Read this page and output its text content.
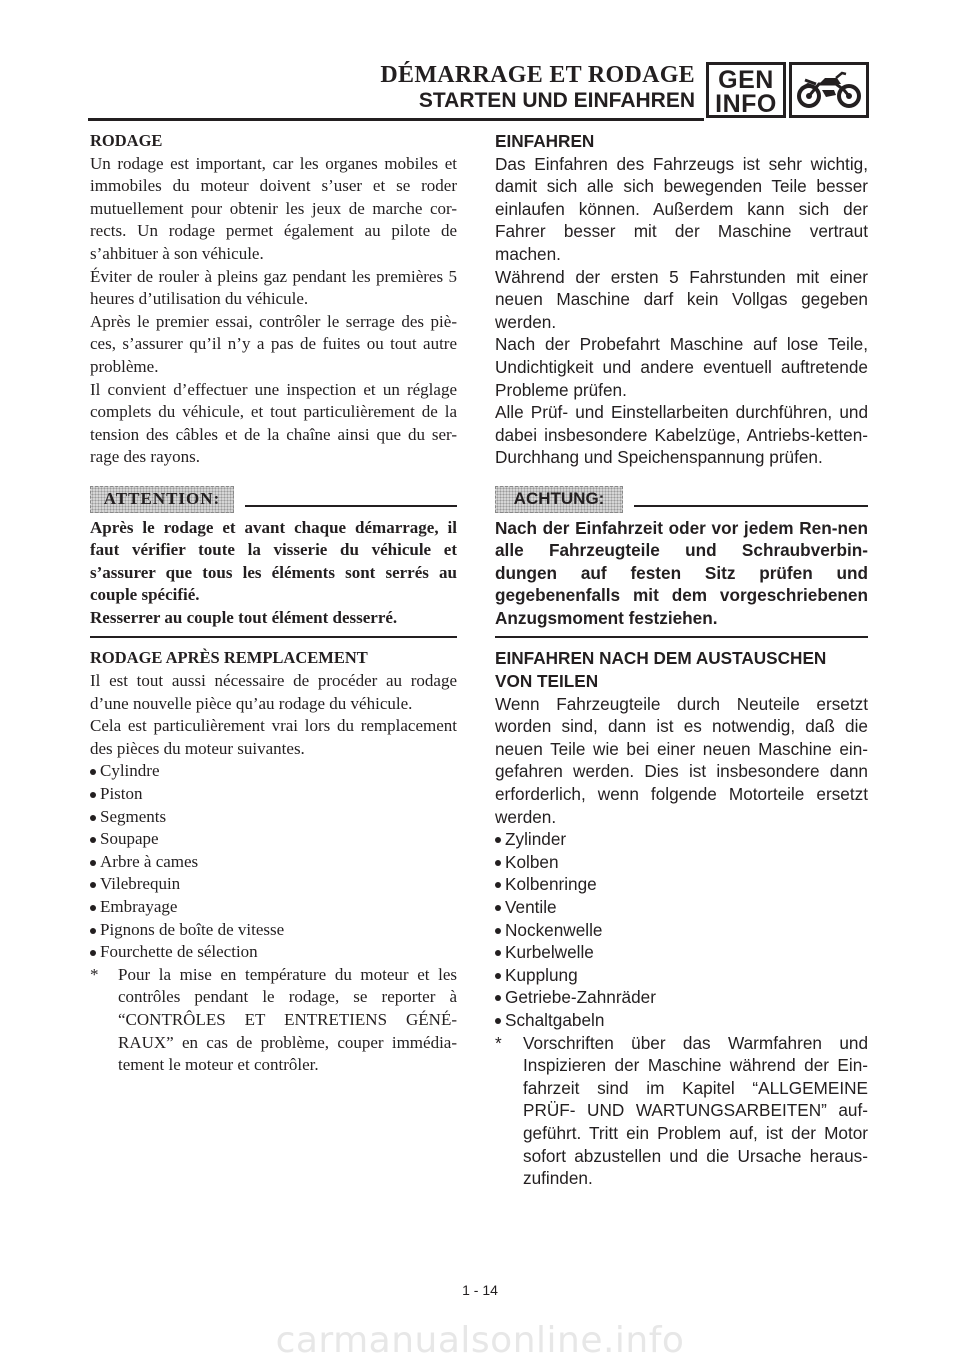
DÉMARRAGE ET RODAGE
STARTEN UND EINFAHREN
GEN
INFO
RODAGE

Un rodage est important, car les organes mobiles et immobiles du moteur doivent s’user et se roder mutuellement pour obtenir les jeux de marche cor-rects. Un rodage permet également au pilote de s’ahbituer à son véhicule.

Éviter de rouler à pleins gaz pendant les premières 5 heures d’utilisation du véhicule.

Après le premier essai, contrôler le serrage des piè-ces, s’assurer qu’il n’y a pas de fuites ou tout autre problème.

Il convient d’effectuer une inspection et un réglage complets du véhicule, et tout particulièrement de la tension des câbles et de la chaîne ainsi que du ser-rage des rayons.

ATTENTION:

Après le rodage et avant chaque démarrage, il faut vérifier toute la visserie du véhicule et s’assurer que tous les éléments sont serrés au couple spécifié.

Resserrer au couple tout élément desserré.

RODAGE APRÈS REMPLACEMENT

Il est tout aussi nécessaire de procéder au rodage d’une nouvelle pièce qu’au rodage du véhicule.

Cela est particulièrement vrai lors du remplacement des pièces du moteur suivantes.

Cylindre
Piston
Segments
Soupape
Arbre à cames
Vilebrequin
Embrayage
Pignons de boîte de vitesse
Fourchette de sélection
*	Pour la mise en température du moteur et les contrôles pendant le rodage, se reporter à “CONTRÔLES ET ENTRETIENS GÉNÉ-RAUX” en cas de problème, couper immédia-tement le moteur et contrôler.
EINFAHREN

Das Einfahren des Fahrzeugs ist sehr wichtig, damit sich alle sich bewegenden Teile besser einlaufen können. Außerdem kann sich der Fahrer besser mit der Maschine vertraut machen.

Während der ersten 5 Fahrstunden mit einer neuen Maschine darf kein Vollgas gegeben werden.

Nach der Probefahrt Maschine auf lose Teile, Undichtigkeit und andere eventuell auftretende Probleme prüfen.

Alle Prüf- und Einstellarbeiten durchführen, und dabei insbesondere Kabelzüge, Antriebs-ketten-Durchhang und Speichenspannung prüfen.

ACHTUNG:

Nach der Einfahrzeit oder vor jedem Ren-nen alle Fahrzeugteile und Schraubverbin-dungen auf festen Sitz prüfen und gegebenenfalls mit dem vorgeschriebenen Anzugsmoment festziehen.

EINFAHREN NACH DEM AUSTAUSCHEN
VON TEILEN

Wenn Fahrzeugteile durch Neuteile ersetzt worden sind, dann ist es notwendig, daß die neuen Teile wie bei einer neuen Maschine ein-gefahren werden. Dies ist insbesondere dann erforderlich, wenn folgende Motorteile ersetzt werden.

Zylinder
Kolben
Kolbenringe
Ventile
Nockenwelle
Kurbelwelle
Kupplung
Getriebe-Zahnräder
Schaltgabeln
*	Vorschriften über das Warmfahren und Inspizieren der Maschine während der Ein-fahrzeit sind im Kapitel “ALLGEMEINE PRÜF- UND WARTUNGSARBEITEN” auf-geführt. Tritt ein Problem auf, ist der Motor sofort abzustellen und die Ursache heraus-zufinden.
1 - 14
carmanualsonline.info
